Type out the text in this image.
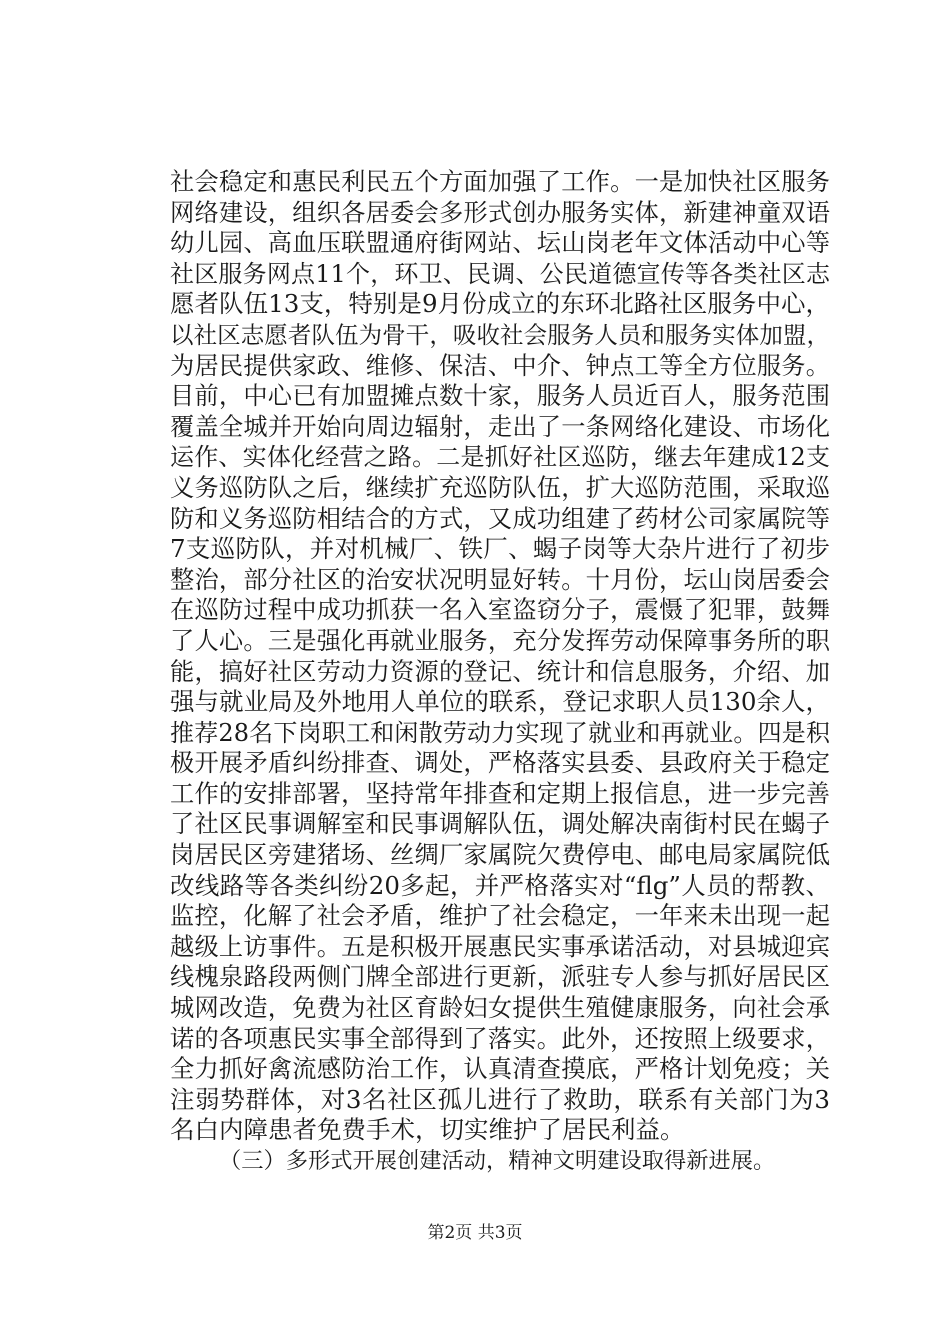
社会稳定和惠民利民五个方面加强了工作。一是加快社区服务
网络建设，组织各居委会多形式创办服务实体，新建神童双语
幼儿园、高血压联盟通府街网站、坛山岗老年文体活动中心等
社区服务网点11个，环卫、民调、公民道德宣传等各类社区志
愿者队伍13支，特别是9月份成立的东环北路社区服务中心，
以社区志愿者队伍为骨干，吸收社会服务人员和服务实体加盟，
为居民提供家政、维修、保洁、中介、钟点工等全方位服务。
目前，中心已有加盟摊点数十家，服务人员近百人，服务范围
覆盖全城并开始向周边辐射，走出了一条网络化建设、市场化
运作、实体化经营之路。二是抓好社区巡防，继去年建成12支
义务巡防队之后，继续扩充巡防队伍，扩大巡防范围，采取巡
防和义务巡防相结合的方式，又成功组建了药材公司家属院等
7支巡防队，并对机械厂、铁厂、蝎子岗等大杂片进行了初步
整治，部分社区的治安状况明显好转。十月份，坛山岗居委会
在巡防过程中成功抓获一名入室盗窃分子，震慑了犯罪，鼓舞
了人心。三是强化再就业服务，充分发挥劳动保障事务所的职
能，搞好社区劳动力资源的登记、统计和信息服务，介绍、加
强与就业局及外地用人单位的联系，登记求职人员130余人，
推荐28名下岗职工和闲散劳动力实现了就业和再就业。四是积
极开展矛盾纠纷排查、调处，严格落实县委、县政府关于稳定
工作的安排部署，坚持常年排查和定期上报信息，进一步完善
了社区民事调解室和民事调解队伍，调处解决南街村民在蝎子
岗居民区旁建猪场、丝绸厂家属院欠费停电、邮电局家属院低
改线路等各类纠纷20多起，并严格落实对“flg”人员的帮教、
监控，化解了社会矛盾，维护了社会稳定，一年来未出现一起
越级上访事件。五是积极开展惠民实事承诺活动，对县城迎宾
线槐泉路段两侧门牌全部进行更新，派驻专人参与抓好居民区
城网改造，免费为社区育龄妇女提供生殖健康服务，向社会承
诺的各项惠民实事全部得到了落实。此外，还按照上级要求，
全力抓好禽流感防治工作，认真清查摸底，严格计划免疫；关
注弱势群体，对3名社区孤儿进行了救助，联系有关部门为3
名白内障患者免费手术，切实维护了居民利益。
（三）多形式开展创建活动，精神文明建设取得新进展。
第2页 共3页
